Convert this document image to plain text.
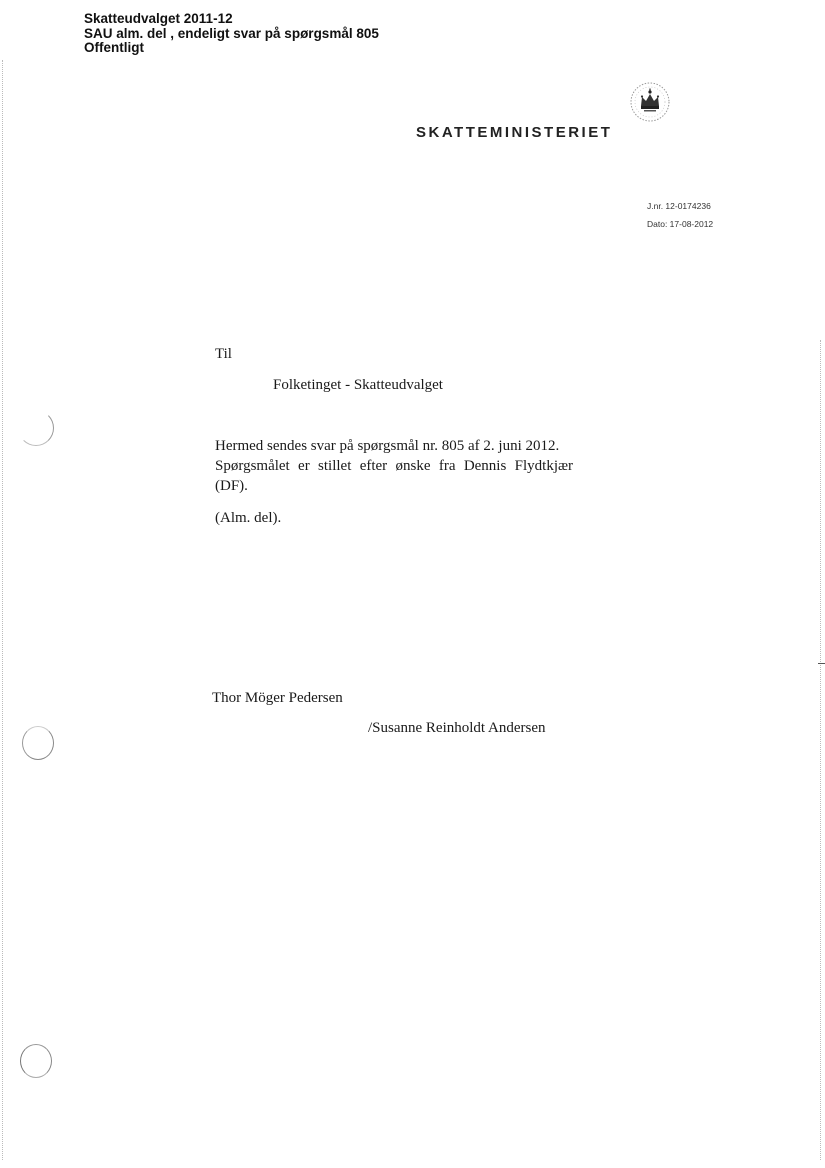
Skatteudvalget 2011-12
SAU alm. del , endeligt svar på spørgsmål 805
Offentligt
SKATTEMINISTERIET
J.nr. 12-0174236
Dato: 17-08-2012
Til
Folketinget - Skatteudvalget

Hermed sendes svar på spørgsmål nr. 805 af 2. juni 2012.

Spørgsmålet er stillet efter ønske fra Dennis Flydtkjær (DF).

(Alm. del).
Thor Möger Pedersen
/Susanne Reinholdt Andersen
